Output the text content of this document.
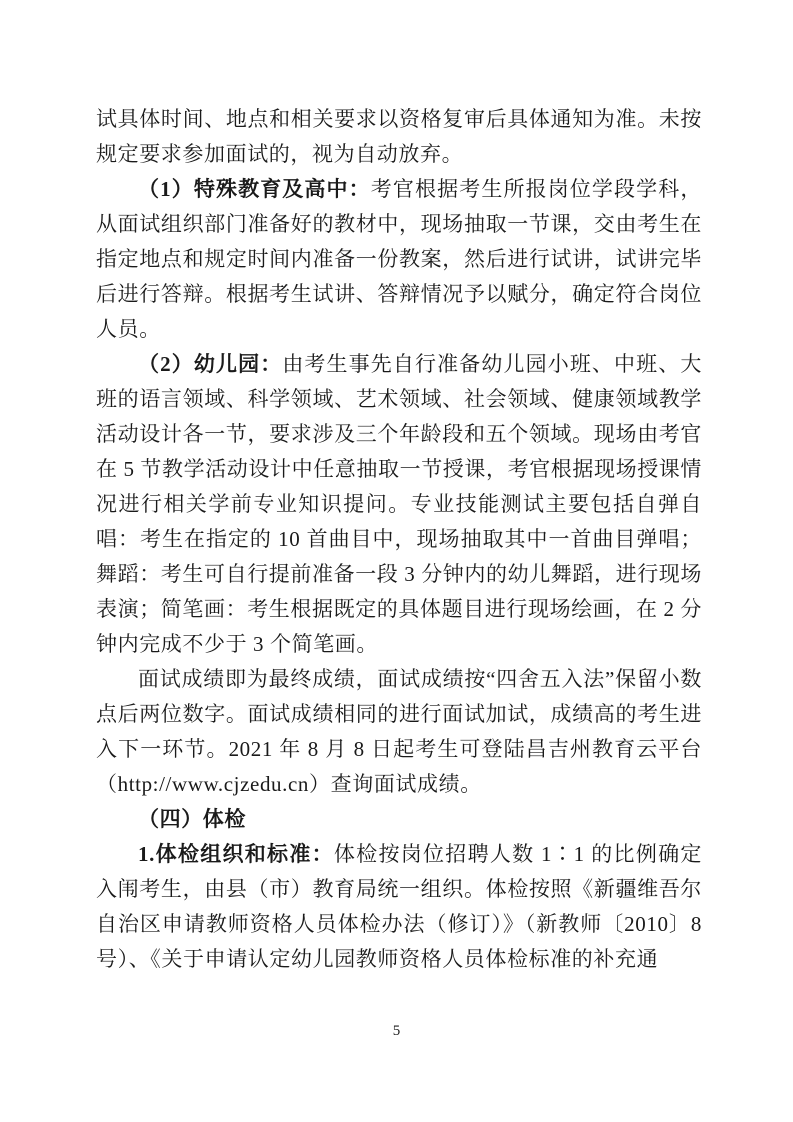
试具体时间、地点和相关要求以资格复审后具体通知为准。未按规定要求参加面试的，视为自动放弃。

（1）特殊教育及高中：考官根据考生所报岗位学段学科，从面试组织部门准备好的教材中，现场抽取一节课，交由考生在指定地点和规定时间内准备一份教案，然后进行试讲，试讲完毕后进行答辩。根据考生试讲、答辩情况予以赋分，确定符合岗位人员。

（2）幼儿园：由考生事先自行准备幼儿园小班、中班、大班的语言领域、科学领域、艺术领域、社会领域、健康领域教学活动设计各一节，要求涉及三个年龄段和五个领域。现场由考官在 5 节教学活动设计中任意抽取一节授课，考官根据现场授课情况进行相关学前专业知识提问。专业技能测试主要包括自弹自唱：考生在指定的 10 首曲目中，现场抽取其中一首曲目弹唱；舞蹈：考生可自行提前准备一段 3 分钟内的幼儿舞蹈，进行现场表演；简笔画：考生根据既定的具体题目进行现场绘画，在 2 分钟内完成不少于 3 个简笔画。

面试成绩即为最终成绩，面试成绩按“四舍五入法”保留小数点后两位数字。面试成绩相同的进行面试加试，成绩高的考生进入下一环节。2021 年 8 月 8 日起考生可登陆昌吉州教育云平台（http://www.cjzedu.cn）查询面试成绩。

（四）体检

1.体检组织和标准：体检按岗位招聘人数 1∶1 的比例确定入闱考生，由县（市）教育局统一组织。体检按照《新疆维吾尔自治区申请教师资格人员体检办法（修订）》（新教师〔2010〕8 号）、《关于申请认定幼儿园教师资格人员体检标准的补充通

5
